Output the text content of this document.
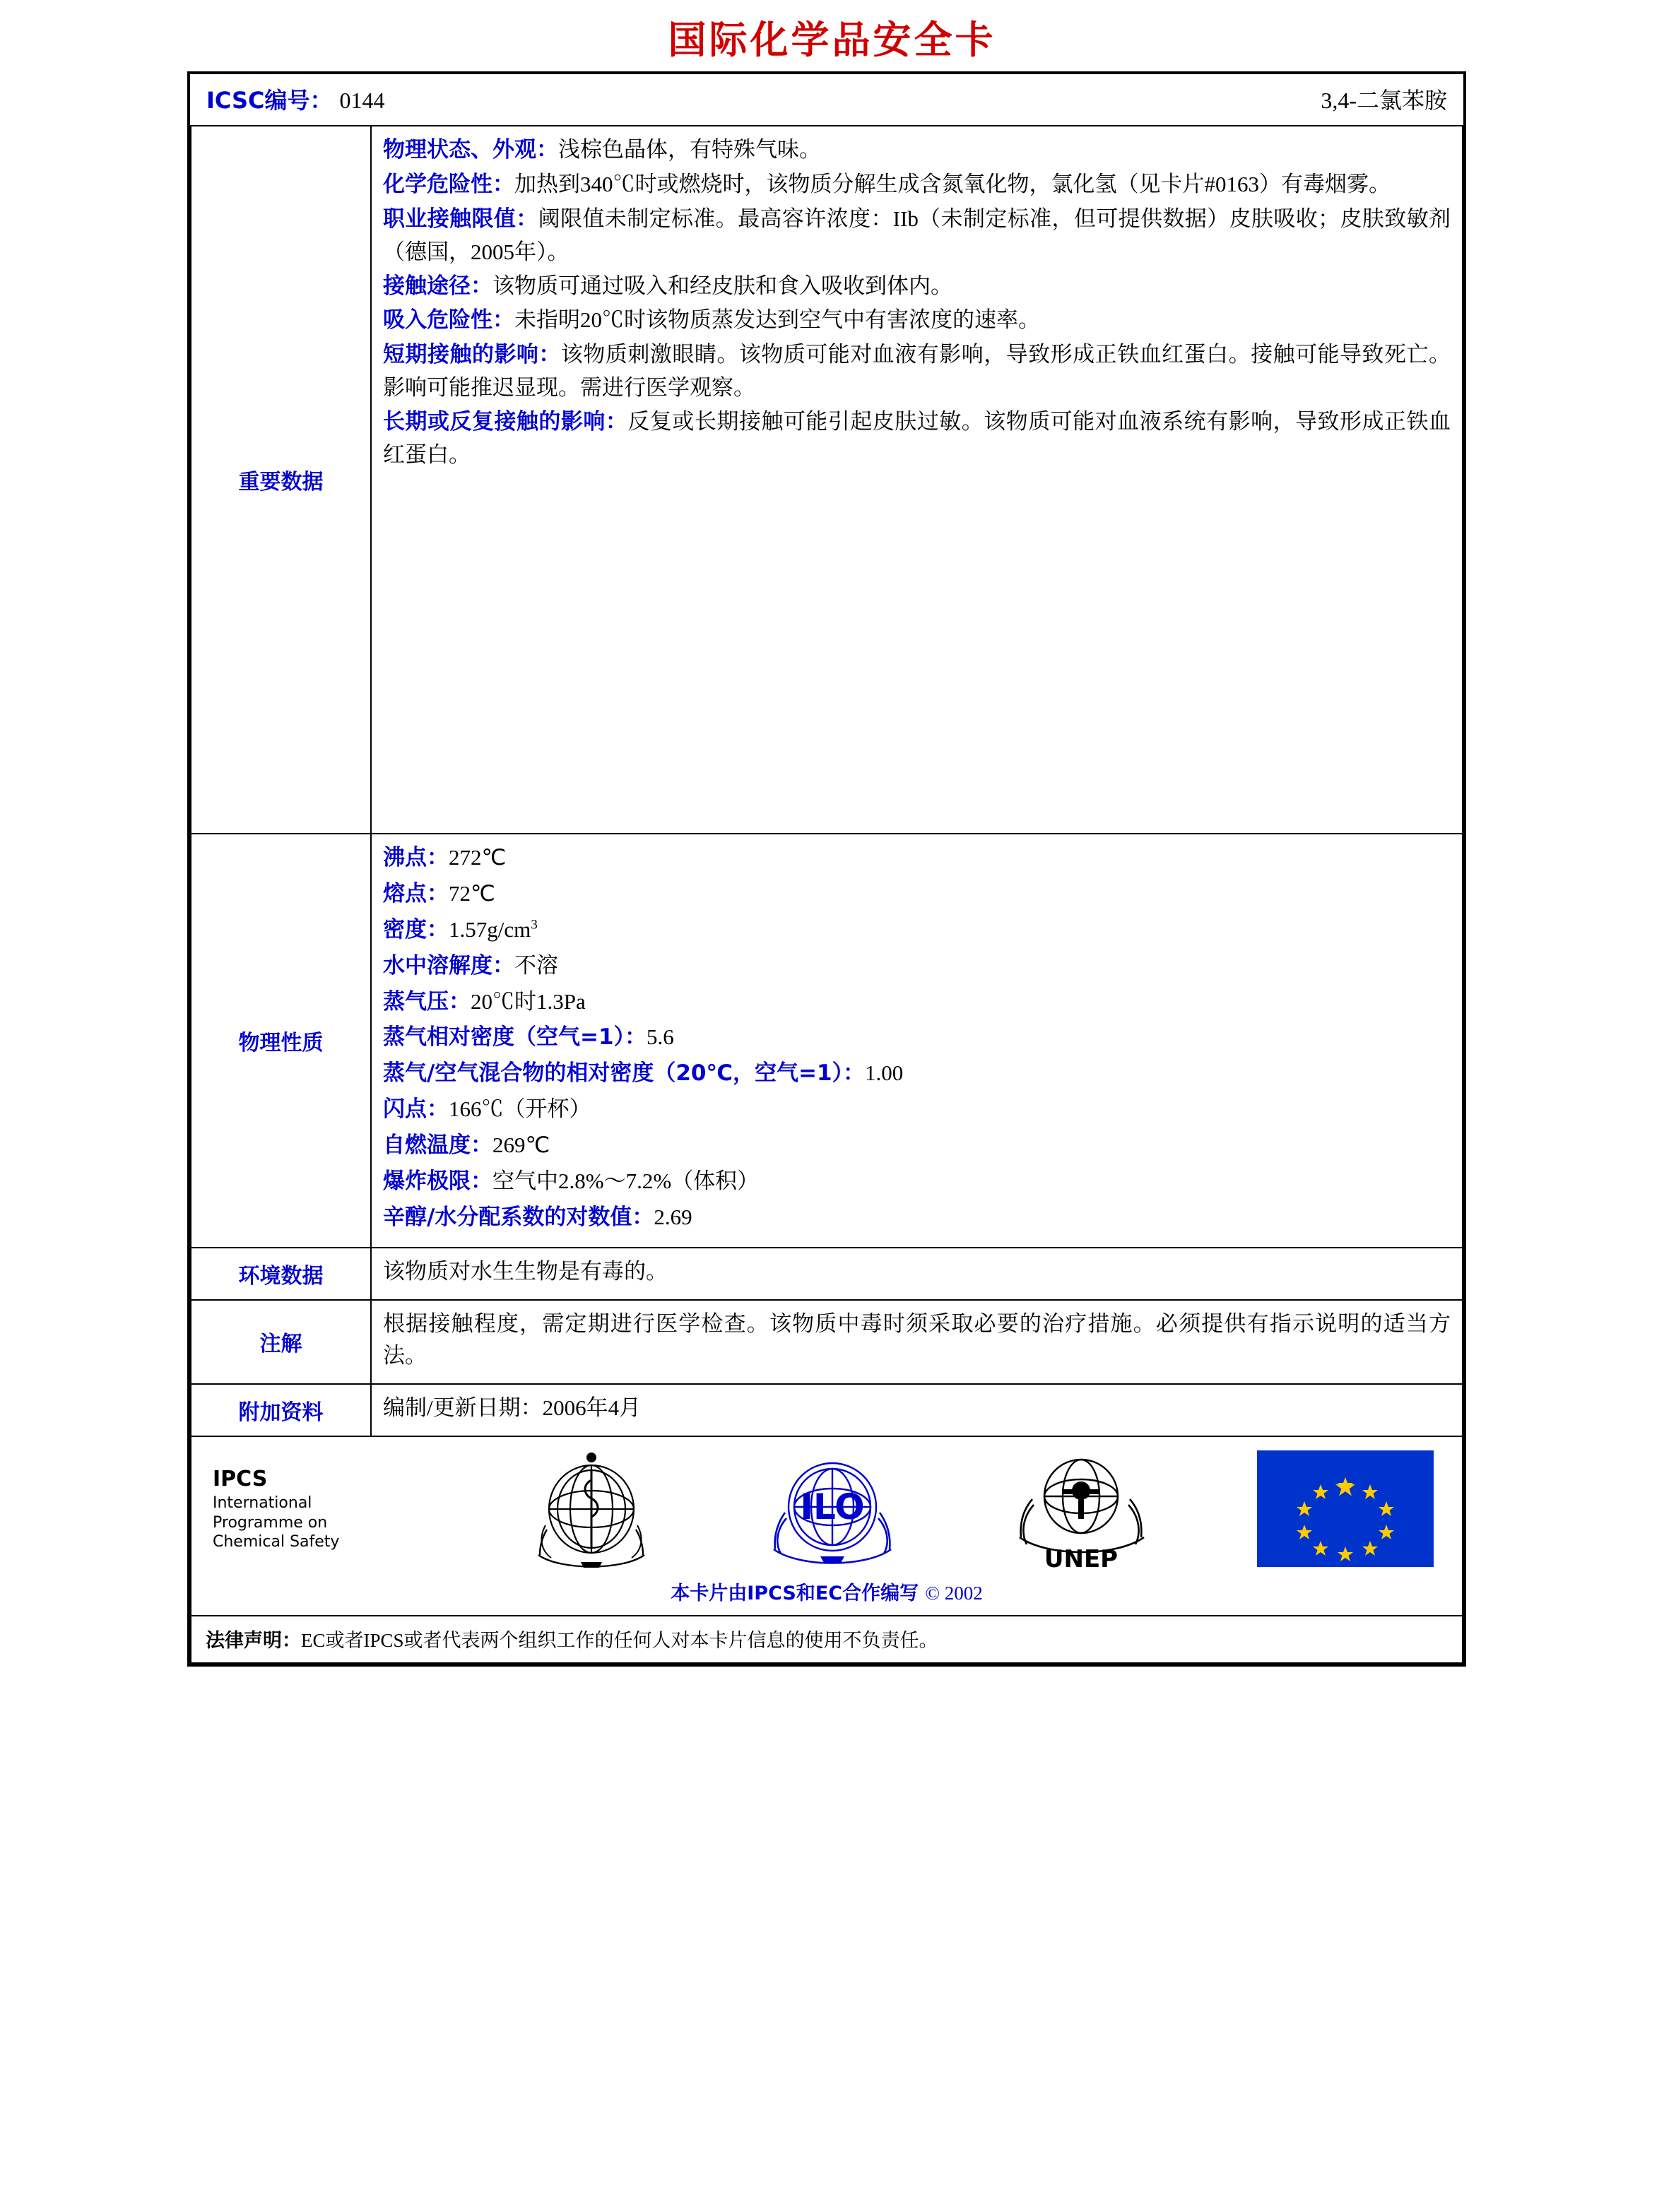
国际化学品安全卡
ICSC编号： 0144 3,4-二氯苯胺	

重要数据	

物理状态、外观：浅棕色晶体，有特殊气味。

化学危险性：加热到340℃时或燃烧时，该物质分解生成含氮氧化物，氯化氢（见卡片#0163）有毒烟雾。

职业接触限值：阈限值未制定标准。最高容许浓度：IIb（未制定标准，但可提供数据）皮肤吸收；皮肤致敏剂（德国，2005年）。

接触途径：该物质可通过吸入和经皮肤和食入吸收到体内。

吸入危险性：未指明20℃时该物质蒸发达到空气中有害浓度的速率。

短期接触的影响：该物质刺激眼睛。该物质可能对血液有影响，导致形成正铁血红蛋白。接触可能导致死亡。影响可能推迟显现。需进行医学观察。

长期或反复接触的影响：反复或长期接触可能引起皮肤过敏。该物质可能对血液系统有影响，导致形成正铁血红蛋白。

物理性质	

沸点：272℃

熔点：72℃

密度：$1.57g/cm^3$

水中溶解度：不溶

蒸气压：20℃时1.3Pa

蒸气相对密度（空气=1）：5.6

蒸气/空气混合物的相对密度（20℃，空气=1）：1.00

闪点：166℃（开杯）

自燃温度：269℃

爆炸极限：空气中2.8%～7.2%（体积）

辛醇/水分配系数的对数值：2.69

环境数据	该物质对水生生物是有毒的。

注解	根据接触程度，需定期进行医学检查。该物质中毒时须采取必要的治疗措施。必须提供有指示说明的适当方法。

附加资料	编制/更新日期：2006年4月

IPCS
International
Programme on
Chemical Safety
ILO
UNEP
本卡片由IPCS和EC合作编写 © 2002

法律声明：EC或者IPCS或者代表两个组织工作的任何人对本卡片信息的使用不负责任。	
